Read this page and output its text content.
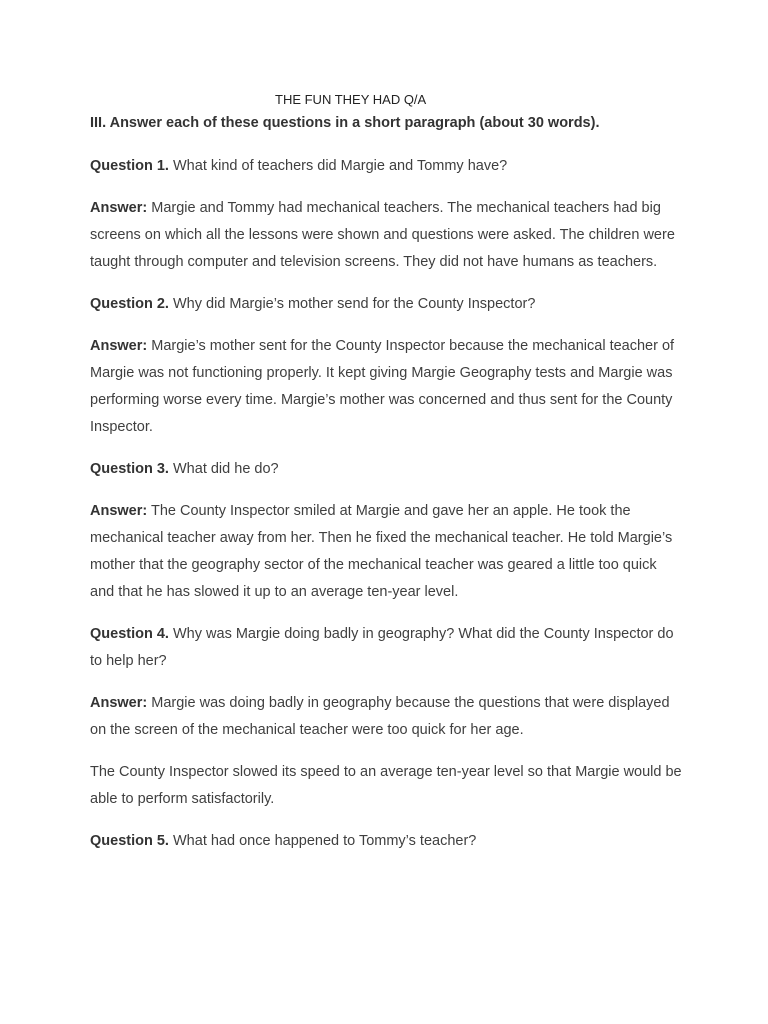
THE FUN THEY HAD Q/A
III. Answer each of these questions in a short paragraph (about 30 words).

Question 1. What kind of teachers did Margie and Tommy have?

Answer: Margie and Tommy had mechanical teachers. The mechanical teachers had big screens on which all the lessons were shown and questions were asked. The children were taught through computer and television screens. They did not have humans as teachers.

Question 2. Why did Margie’s mother send for the County Inspector?

Answer: Margie’s mother sent for the County Inspector because the mechanical teacher of Margie was not functioning properly. It kept giving Margie Geography tests and Margie was performing worse every time. Margie’s mother was concerned and thus sent for the County Inspector.

Question 3. What did he do?

Answer: The County Inspector smiled at Margie and gave her an apple. He took the mechanical teacher away from her. Then he fixed the mechanical teacher. He told Margie’s mother that the geography sector of the mechanical teacher was geared a little too quick and that he has slowed it up to an average ten-year level.

Question 4. Why was Margie doing badly in geography? What did the County Inspector do to help her?

Answer: Margie was doing badly in geography because the questions that were displayed on the screen of the mechanical teacher were too quick for her age.

The County Inspector slowed its speed to an average ten-year level so that Margie would be able to perform satisfactorily.

Question 5. What had once happened to Tommy’s teacher?
